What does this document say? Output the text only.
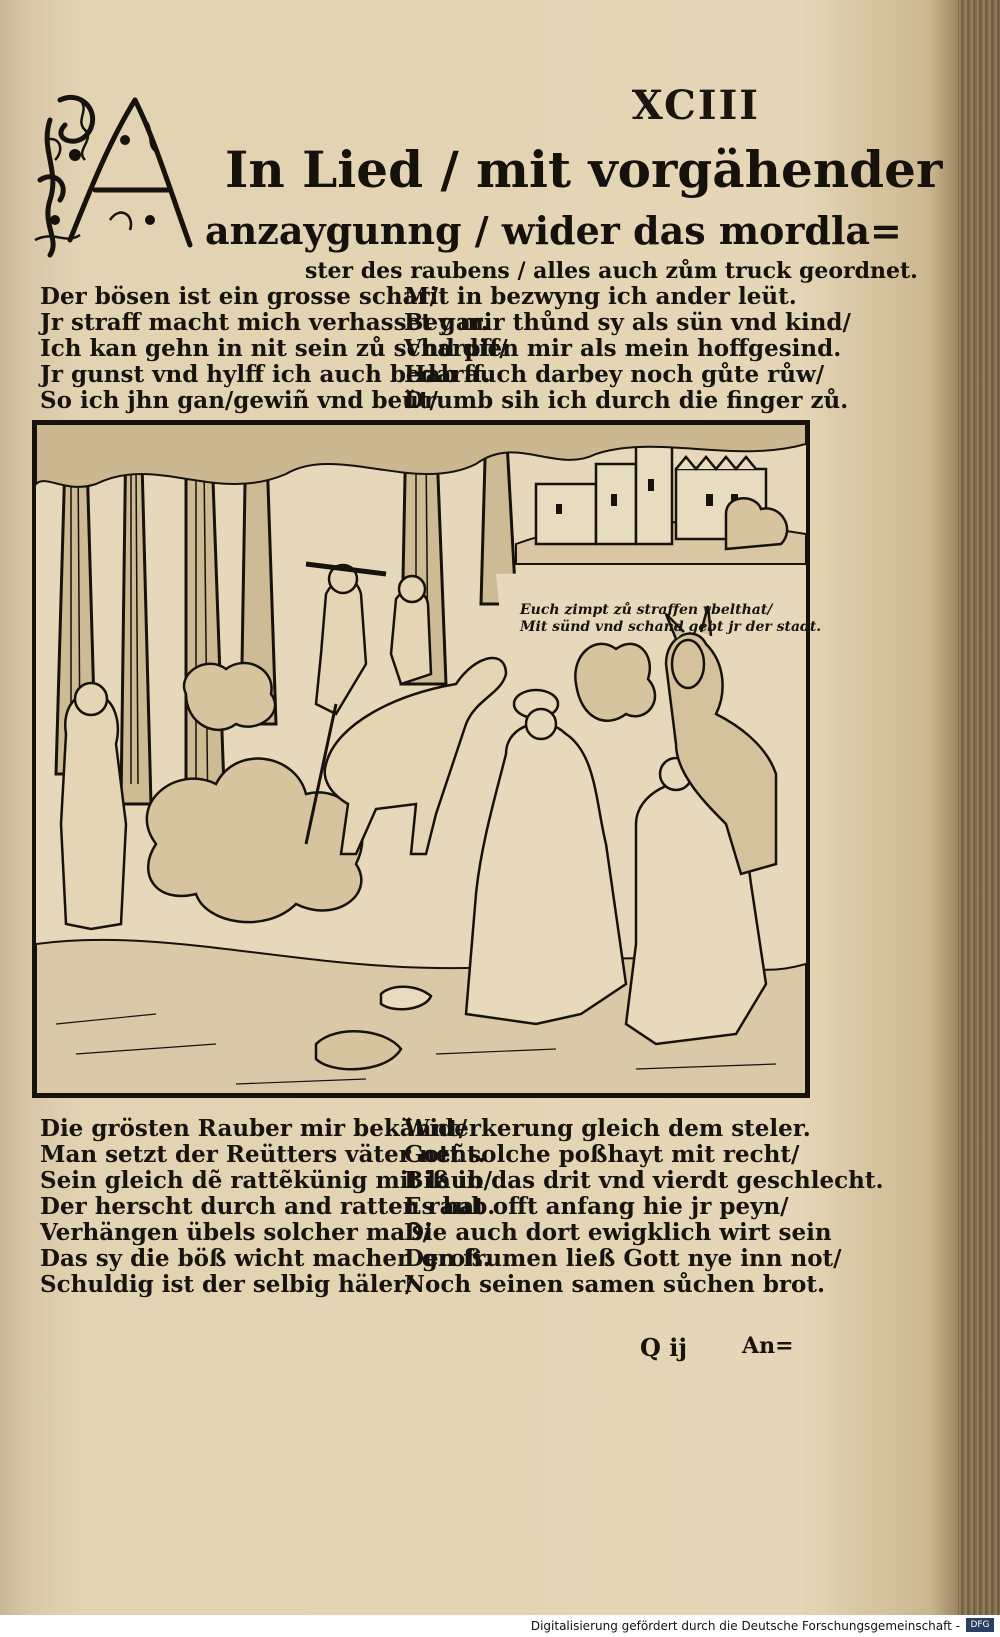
XCIII
In Lied / mit vorgähender
anzaygunng / wider das mordla=
ster des raubens / alles auch zům truck geordnet.
Der bösen ist ein grosse schar/
Jr straff macht mich verhasset gar.
Ich kan gehn in nit sein zů scharpff/
Jr gunst vnd hylff ich auch bedarff.
So ich jhn gan/gewiñ vnd beüt/
Mit in bezwyng ich ander leüt.
Bey mir thůnd sy als sün vnd kind/
Vnd dien mir als mein hoffgesind.
Hab auch darbey noch gůte růw/
Drumb sih ich durch die finger zů.
Euch zimpt zů straffen vbelthat/
Mit sünd vnd schand gebt jr der stadt.
Die grösten Rauber mir bekännt/
Man setzt der Reütters väter neñt.
Sein gleich dẽ rattẽkünig mit laub/
Der herscht durch and ratten raub.
Verhängen übels solcher maß/
Das sy die böß wicht machen groß.
Schuldig ist der selbig häler/
Widerkerung gleich dem steler.
Gott solche poßhayt mit recht/
Biß in das drit vnd vierdt geschlecht.
Es hat offt anfang hie jr peyn/
Die auch dort ewigklich wirt sein
Den frumen ließ Gott nye inn not/
Noch seinen samen sůchen brot.
Q ij An=
Digitalisierung gefördert durch die Deutsche Forschungsgemeinschaft -	DFG
